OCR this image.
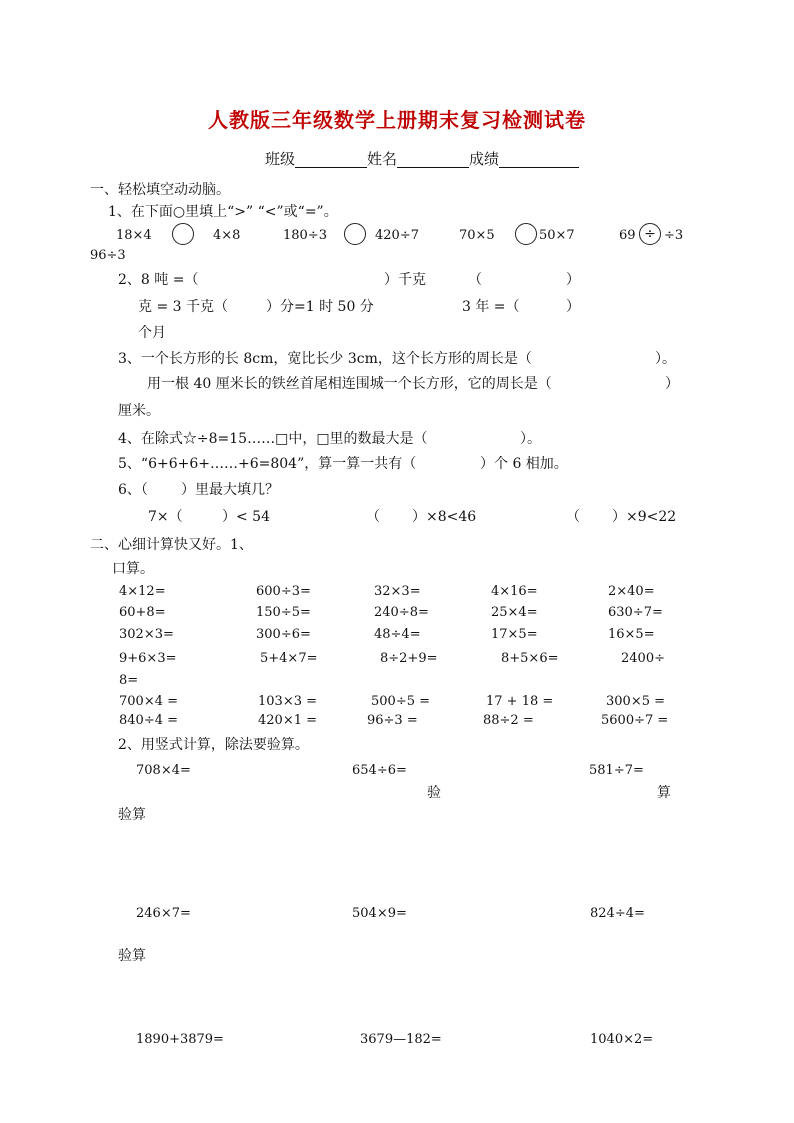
人教版三年级数学上册期末复习检测试卷
班级	姓名	成绩
一、轻松填空动动脑。
1、在下面○里填上“>” “<”或“=”。
18×4	4×8	180÷3	420÷7	70×5	50×7	69 ÷ ÷3
96÷3
2、8 吨 =（	）千克	（	）
克 = 3 千克（	）分=1 时 50 分	3 年 =（	）
个月
3、一个长方形的长 8cm，宽比长少 3cm，这个长方形的周长是（	）。
用一根 40 厘米长的铁丝首尾相连围城一个长方形，它的周长是（	）
厘米。
4、在除式☆÷8=15……□中，□里的数最大是（	）。
5、“6+6+6+……+6=804”，算一算一共有（	）个 6 相加。
6、（ ）里最大填几？
7×（	）< 54	（ ）×8<46	（ ）×9<22
二、心细计算快又好。1、
口算。
4×12=	600÷3=	32×3=	4×16=	2×40=
60+8=	150÷5=	240÷8=	25×4=	630÷7=
302×3=	300÷6=	48÷4=	17×5=	16×5=
9+6×3=	5+4×7=	8÷2+9=	8+5×6=	2400÷
8=
700×4 =	103×3 =	500÷5 =	17 + 18 =	300×5 =
840÷4 =	420×1 =	96÷3 =	88÷2 =	5600÷7 =
2、用竖式计算，除法要验算。
708×4=	654÷6=	581÷7=
验	算
验算
246×7=	504×9=	824÷4=
验算
1890+3879=	3679—182=	1040×2=
